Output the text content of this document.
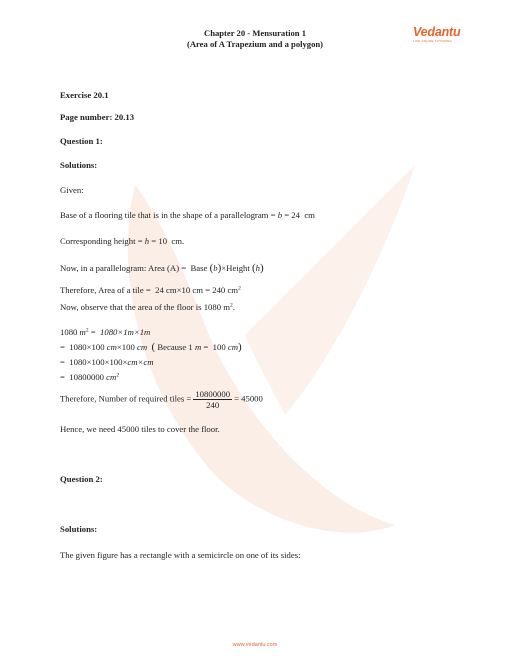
Chapter 20 - Mensuration 1
(Area of A Trapezium and a polygon)
Vedantu
LIVE ONLINE TUTORING
Exercise 20.1
Page number: 20.13
Question 1:
Solutions:
Given:
Base of a flooring tile that is in the shape of a parallelogram = b = 24 cm
Corresponding height = h = 10 cm.
Now, in a parallelogram: Area (A) =  Base (b)×Height (h)
Therefore, Area of a tile =  24 cm×10 cm = 240 $cm^2$
Now, observe that the area of the floor is 1080 $m^2$.
1080 $m^2 = 1080\times 1m\times 1m$
=  1080×100 cm×100 cm ( Because 1 m =  100 cm)
=  1080×100×100×cm×cm
=  10800000 $cm^2$
Therefore, Number of required tiles = $\frac{10800000}{240} = 45000$
Hence, we need 45000 tiles to cover the floor.
Question 2:
Solutions:
The given figure has a rectangle with a semicircle on one of its sides:
www.vedantu.com
